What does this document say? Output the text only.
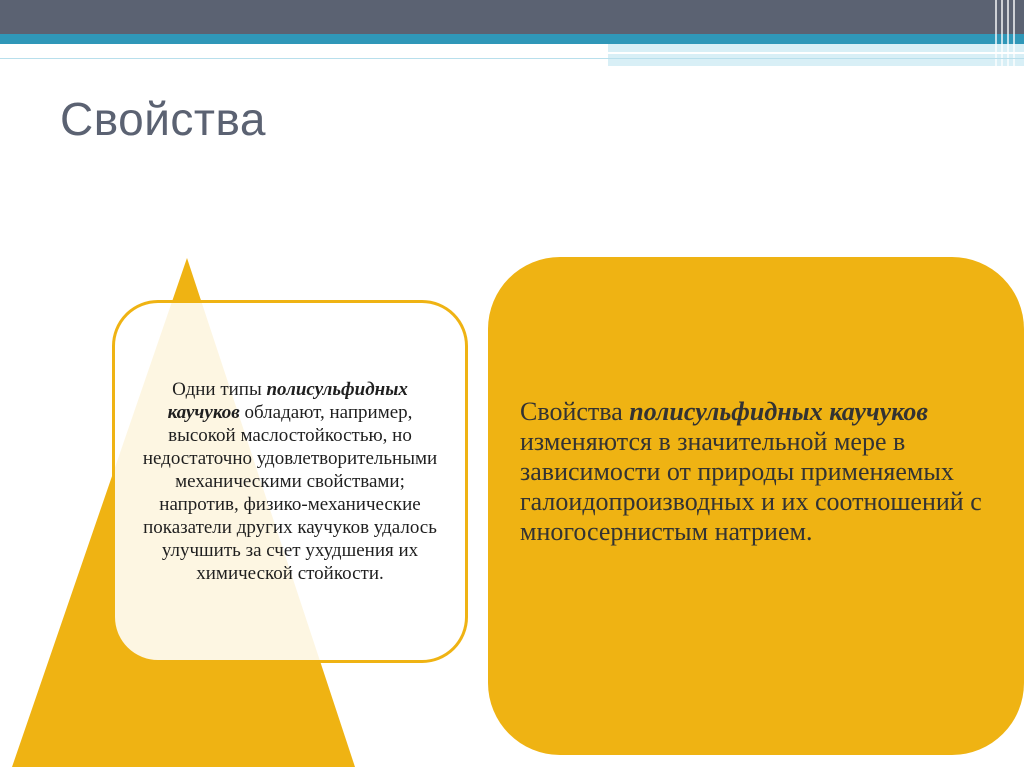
Свойства
Одни типы полисульфидных каучуков обладают, например, высокой маслостойкостью, но недостаточно удовлетворительными механическими свойствами; напротив, физико-механические показатели других каучуков удалось улучшить за счет ухудшения их химической стойкости.
Свойства полисульфидных каучуков изменяются в значительной мере в зависимости от природы применяемых галоидопроизводных и их соотношений с многосернистым натрием.
